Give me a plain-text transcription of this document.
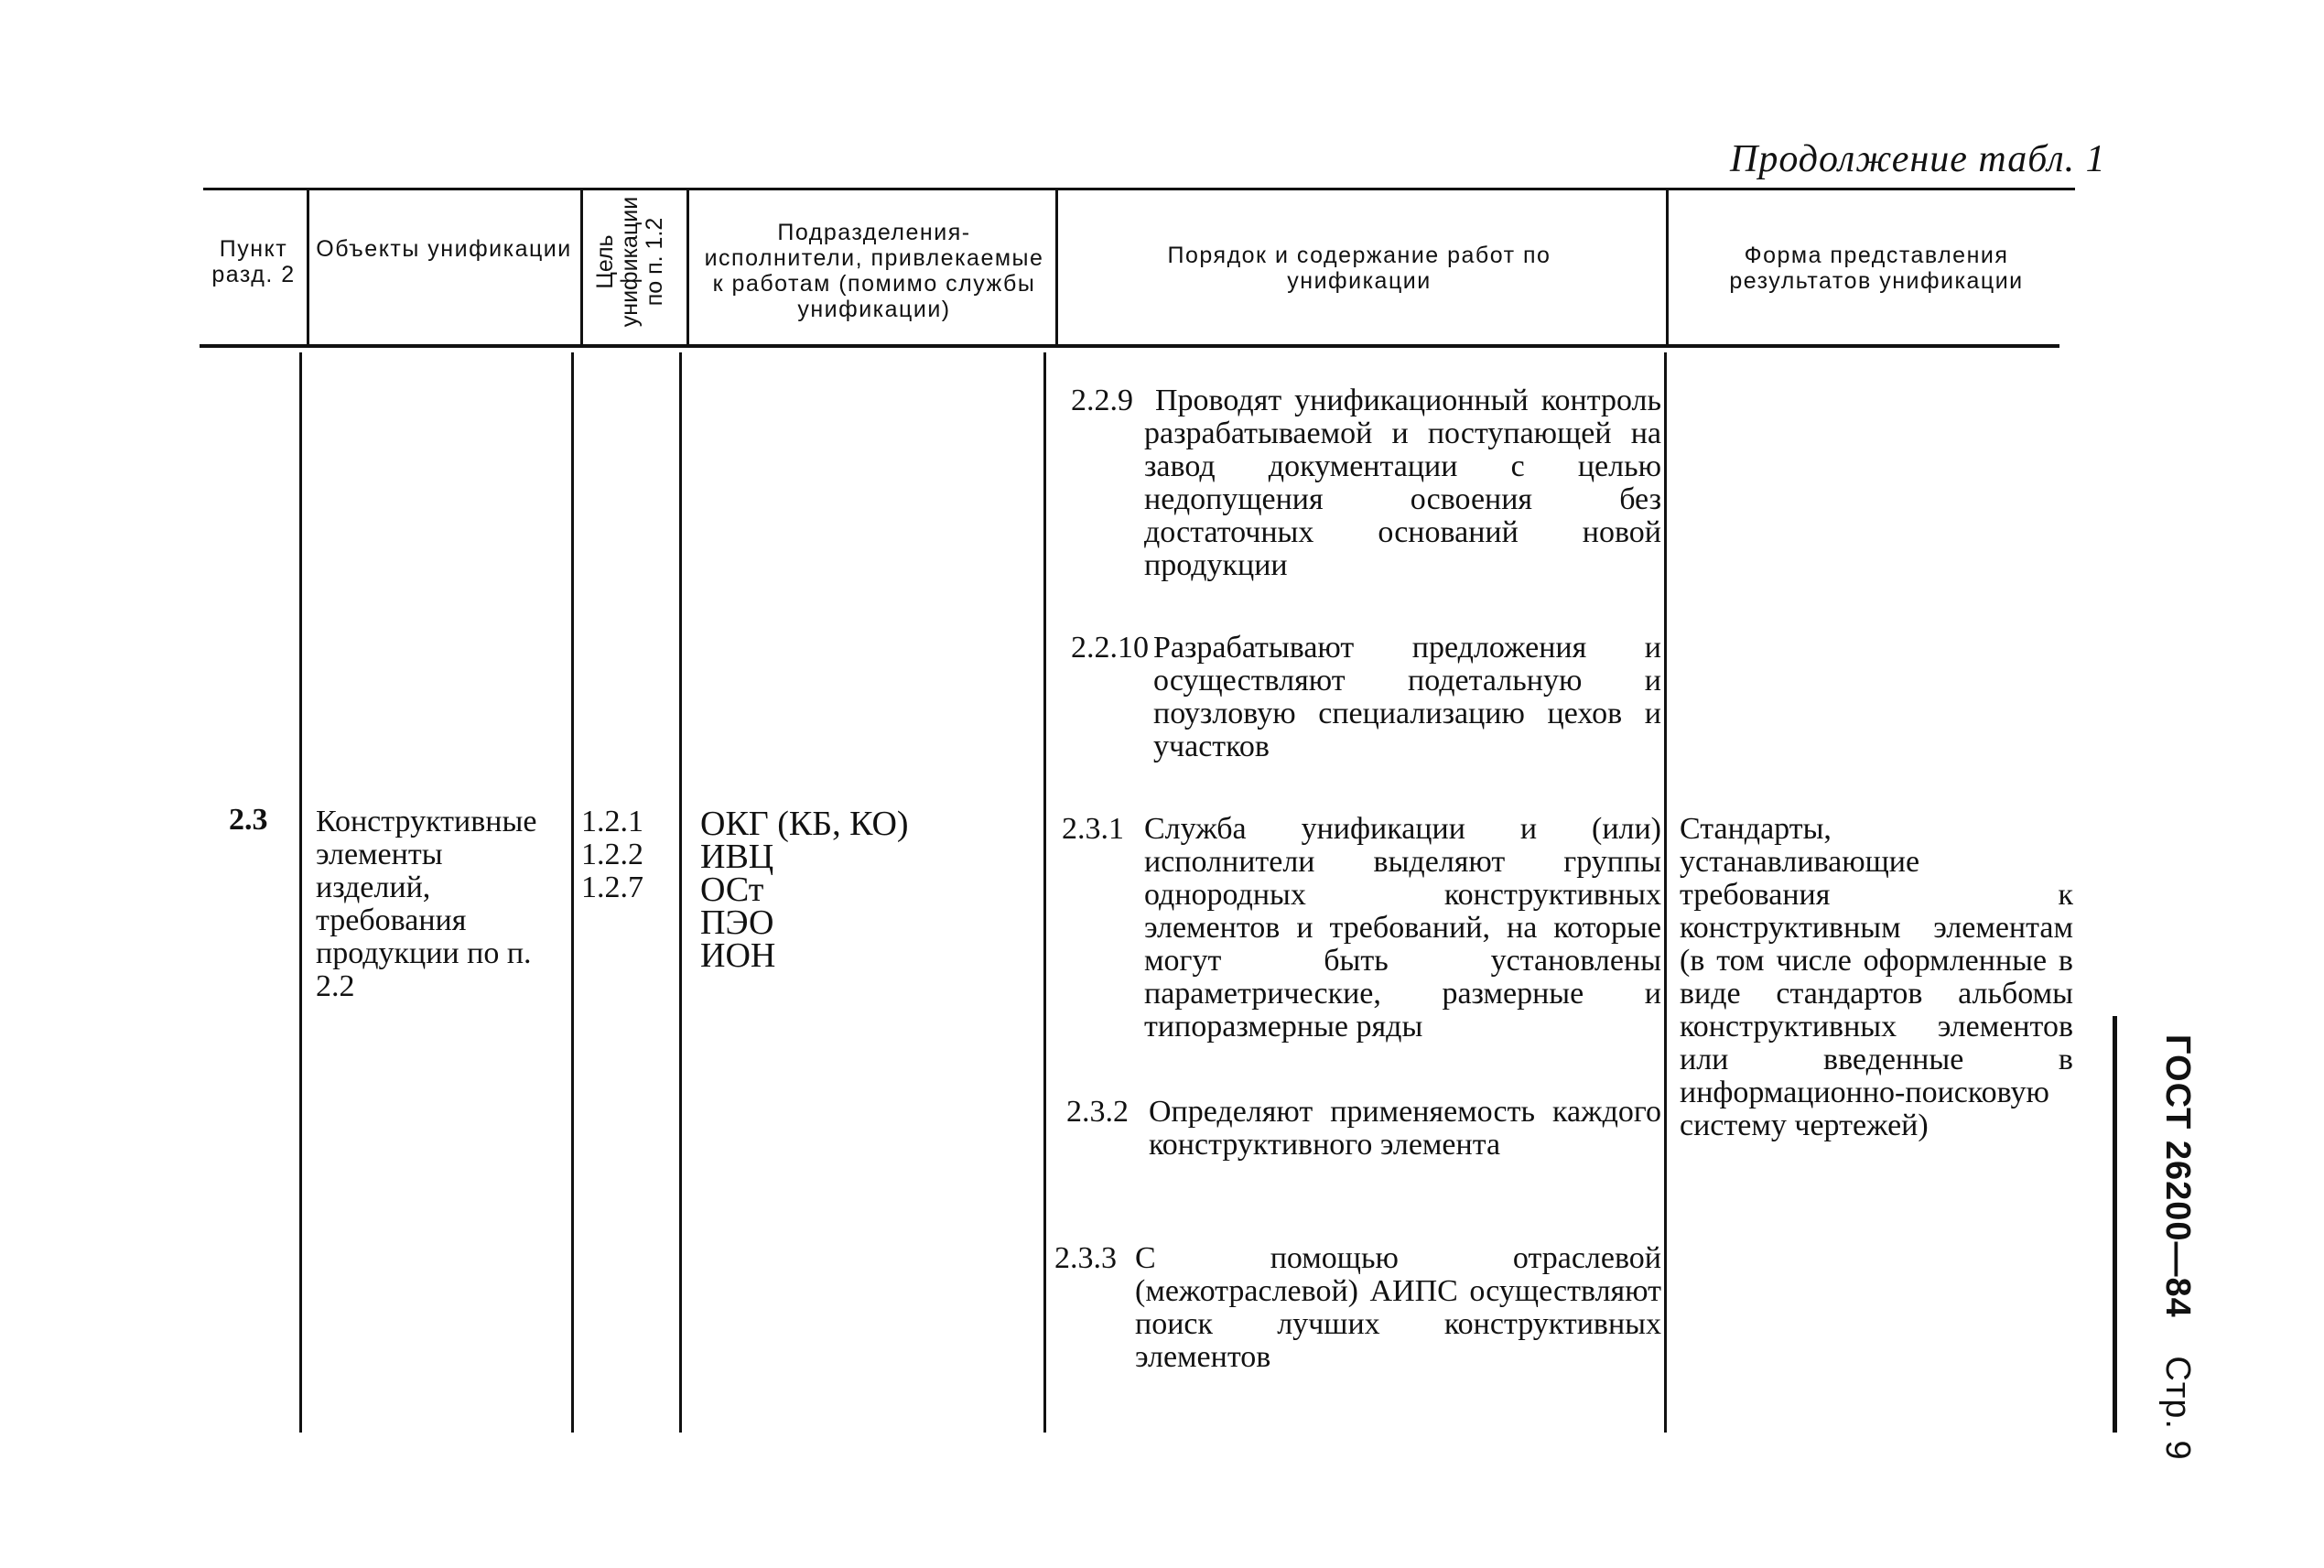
Продолжение табл. 1
Пункт разд. 2
Объекты унификации Цель унификации по п. 1.2	Подразделения-исполнители, привлекаемые к работам (помимо службы унификации)
Порядок и содержание работ по унификации
Форма представления результатов унификации
2.2.9 Проводят унификационный контроль разрабатываемой и поступающей на завод документации с целью недопущения освоения без достаточных оснований новой продукции
2.2.10 Разрабатывают предложения и осуществляют подетальную и поузловую специализацию цехов и участков
2.3 Конструктивные элементы изделий, требования продукции по п. 2.2
1.2.1
1.2.2
1.2.7
ОКГ (КБ, КО)
ИВЦ
ОСт
ПЭО
ИОН
2.3.1 Служба унификации и (или) исполнители выделяют группы однородных конструктивных элементов и требований, на которые могут быть установлены параметрические, размерные и типоразмерные ряды
2.3.2 Определяют применяемость каждого конструктивного элемента
2.3.3 С помощью отраслевой (межотраслевой) АИПС осуществляют поиск лучших конструктивных элементов
Стандарты, устанавливающие требования к конструктивным элементам (в том числе оформленные в виде стандартов альбомы конструктивных элементов или введенные в информационно-поисковую систему чертежей)	ГОСТ 26200—84 Стр. 9
